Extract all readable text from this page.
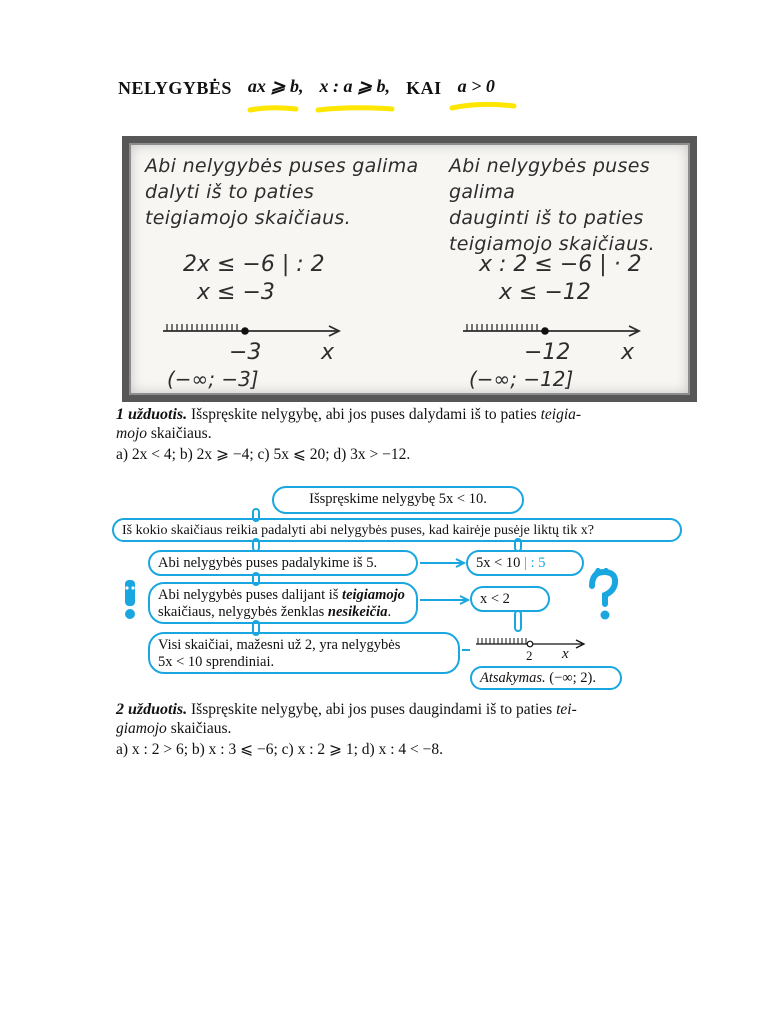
NELYGYBĖS ax ⩾ b, x : a ⩾ b, KAI a > 0
Abi nelygybės puses galima
dalyti iš to paties
teigiamojo skaičiaus.
2x ≤ −6 | : 2
x ≤ −3
−3	x
(−∞; −3]
Abi nelygybės puses galima
dauginti iš to paties
teigiamojo skaičiaus.
x : 2 ≤ −6 | · 2
x ≤ −12
−12 x
(−∞; −12]
1 užduotis. Išspręskite nelygybę, abi jos puses dalydami iš to paties teigia-
mojo skaičiaus.
a) 2x < 4; b) 2x ⩾ −4; c) 5x ⩽ 20; d) 3x > −12.
Išspręskime nelygybę 5x < 10.
Iš kokio skaičiaus reikia padalyti abi nelygybės puses, kad kairėje pusėje liktų tik x?
Abi nelygybės puses padalykime iš 5.	5x < 10 | : 5
Abi nelygybės puses dalijant iš teigiamojo
skaičiaus, nelygybės ženklas nesikeičia.
x < 2
Visi skaičiai, mažesni už 2, yra nelygybės
5x < 10 sprendiniai.	2 x
Atsakymas. (−∞; 2).
2 užduotis. Išspręskite nelygybę, abi jos puses daugindami iš to paties tei-
giamojo skaičiaus.
a) x : 2 > 6; b) x : 3 ⩽ −6; c) x : 2 ⩾ 1; d) x : 4 < −8.
